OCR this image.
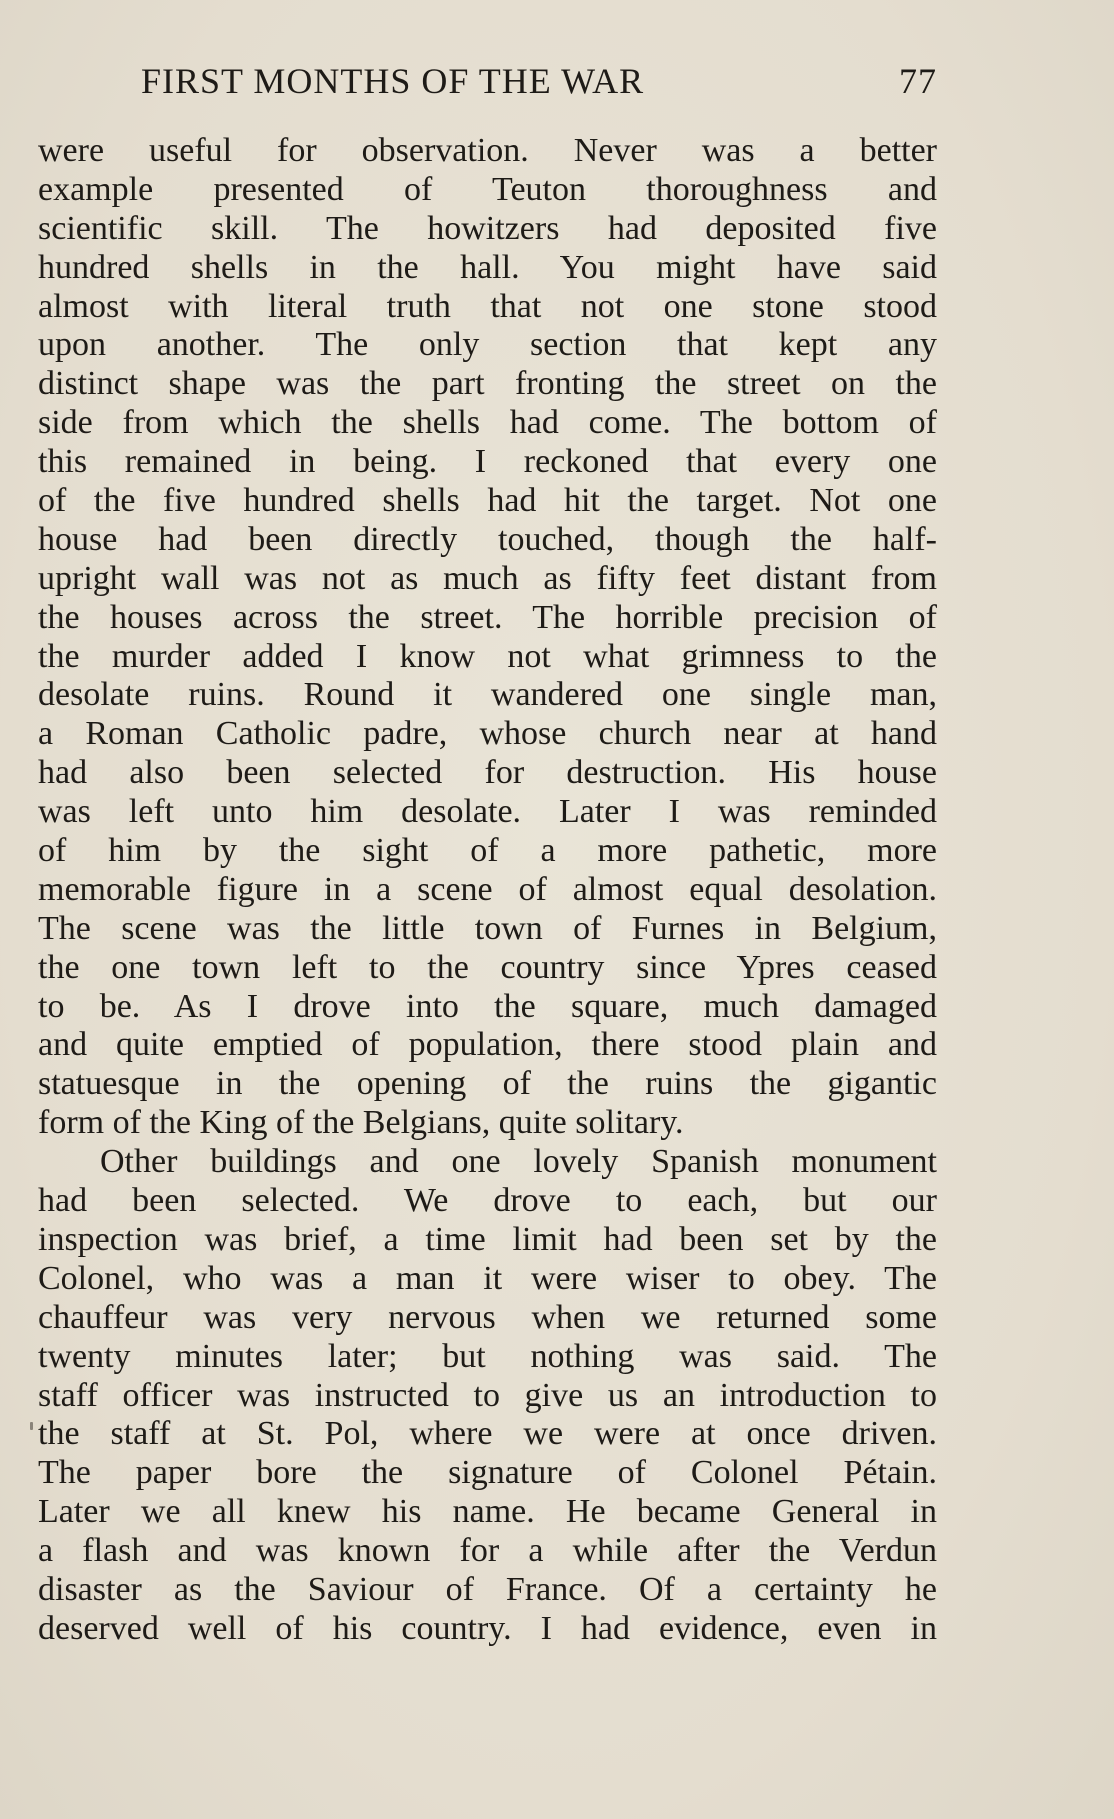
FIRST MONTHS OF THE WAR	77
were useful for observation. Never was a better
example presented of Teuton thoroughness and
scientific skill. The howitzers had deposited five
hundred shells in the hall. You might have said
almost with literal truth that not one stone stood
upon another. The only section that kept any
distinct shape was the part fronting the street on the
side from which the shells had come. The bottom of
this remained in being. I reckoned that every one
of the five hundred shells had hit the target. Not one
house had been directly touched, though the half-
upright wall was not as much as fifty feet distant from
the houses across the street. The horrible precision of
the murder added I know not what grimness to the
desolate ruins. Round it wandered one single man,
a Roman Catholic padre, whose church near at hand
had also been selected for destruction. His house
was left unto him desolate. Later I was reminded
of him by the sight of a more pathetic, more
memorable figure in a scene of almost equal desolation.
The scene was the little town of Furnes in Belgium,
the one town left to the country since Ypres ceased
to be. As I drove into the square, much damaged
and quite emptied of population, there stood plain and
statuesque in the opening of the ruins the gigantic
form of the King of the Belgians, quite solitary.
Other buildings and one lovely Spanish monument
had been selected. We drove to each, but our
inspection was brief, a time limit had been set by the
Colonel, who was a man it were wiser to obey. The
chauffeur was very nervous when we returned some
twenty minutes later; but nothing was said. The
staff officer was instructed to give us an introduction to
the staff at St. Pol, where we were at once driven.
The paper bore the signature of Colonel Pétain.
Later we all knew his name. He became General in
a flash and was known for a while after the Verdun
disaster as the Saviour of France. Of a certainty he
deserved well of his country. I had evidence, even in
